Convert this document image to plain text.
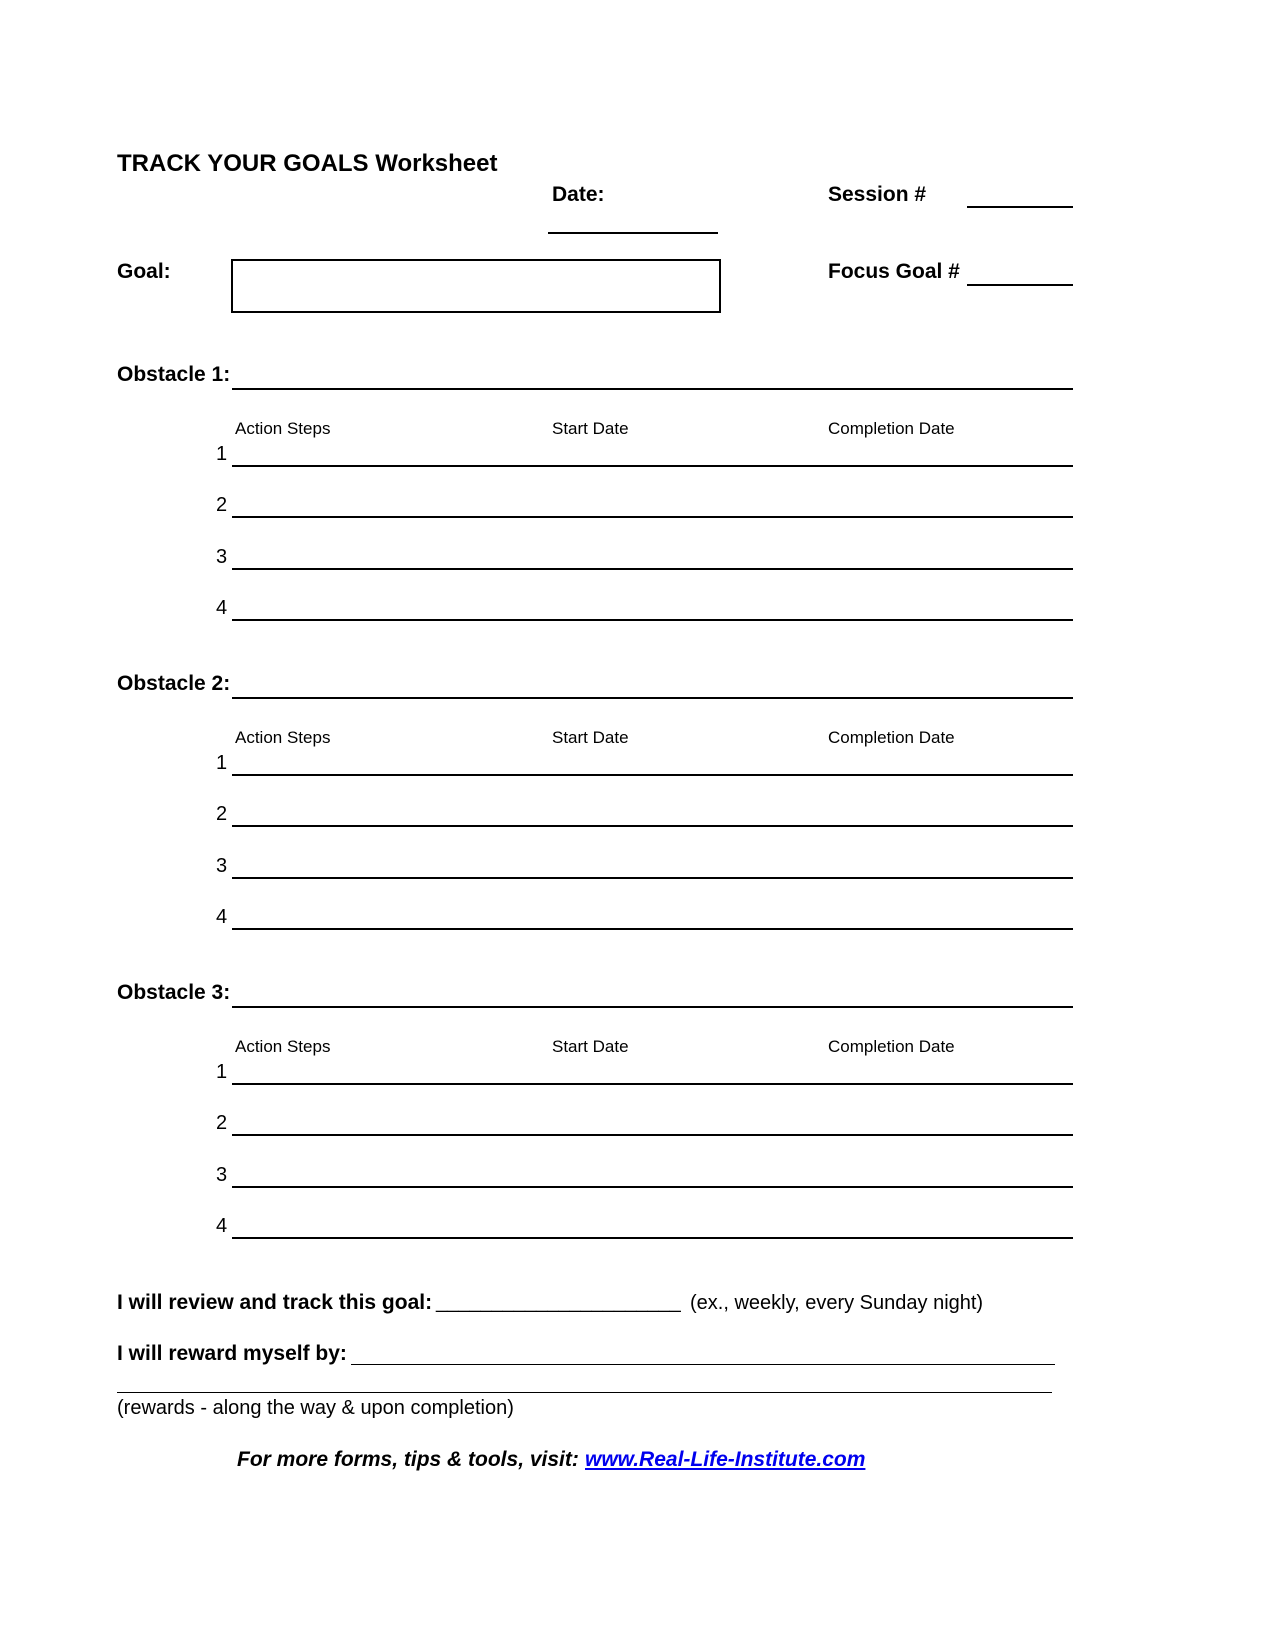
TRACK YOUR GOALS Worksheet
Date:	Session #
Goal:	Focus Goal #
Obstacle 1:
Action Steps	Start Date	Completion Date
1
2
3
4
Obstacle 2:
Action Steps	Start Date	Completion Date
1
2
3
4
Obstacle 3:
Action Steps	Start Date	Completion Date
1
2
3
4
I will review and track this goal: ______________________ (ex., weekly, every Sunday night)
I will reward myself by:
(rewards - along the way & upon completion)
For more forms, tips & tools, visit: www.Real-Life-Institute.com
